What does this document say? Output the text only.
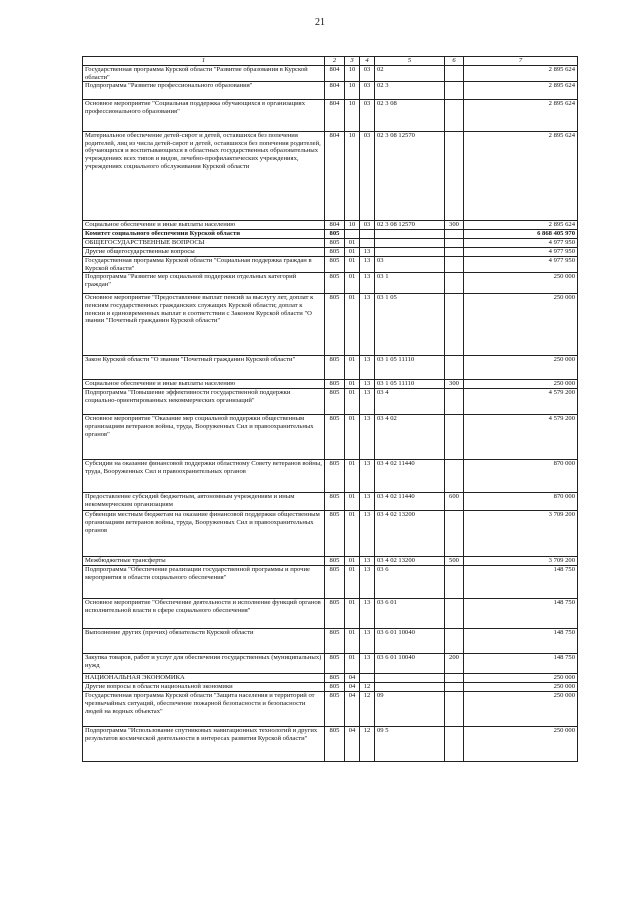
21
1	2	3	4	5	6	7
Государственная программа Курской области "Развитие образования в Курской области"	804	10	03	02		2 895 624
Подпрограмма "Развитие профессионального образования"	804	10	03	02 3		2 895 624
Основное мероприятие "Социальная поддержка обучающихся в организациях профессионального образования"	804	10	03	02 3 08		2 895 624
Материальное обеспечение детей-сирот и детей, оставшихся без попечения родителей, лиц из числа детей-сирот и детей, оставшихся без попечения родителей, обучающихся и воспитывающихся в областных государственных образовательных учреждениях всех типов и видов, лечебно-профилактических учреждениях, учреждениях социального обслуживания Курской области	804	10	03	02 3 08 12570		2 895 624
Социальное обеспечение и иные выплаты населению	804	10	03	02 3 08 12570	300	2 895 624
Комитет социального обеспечения Курской области	805					6 868 405 970
ОБЩЕГОСУДАРСТВЕННЫЕ ВОПРОСЫ	805	01				4 977 950
Другие общегосударственные вопросы	805	01	13			4 977 950
Государственная программа Курской области "Социальная поддержка граждан в Курской области"	805	01	13	03		4 977 950
Подпрограмма "Развитие мер социальной поддержки отдельных категорий граждан"	805	01	13	03 1		250 000
Основное мероприятие "Предоставление выплат пенсий за выслугу лет, доплат к пенсиям государственных гражданских служащих Курской области; доплат к пенсии и единовременных выплат в соответствии с Законом Курской области "О звании "Почетный гражданин Курской области"	805	01	13	03 1 05		250 000
Закон Курской области "О звании "Почетный гражданин Курской области"	805	01	13	03 1 05 11110		250 000
Социальное обеспечение и иные выплаты населению	805	01	13	03 1 05 11110	300	250 000
Подпрограмма "Повышение эффективности государственной поддержки социально-ориентированных некоммерческих организаций"	805	01	13	03 4		4 579 200
Основное мероприятие "Оказание мер социальной поддержки общественным организациям ветеранов войны, труда, Вооруженных Сил и правоохранительных органов"	805	01	13	03 4 02		4 579 200
Субсидии на оказание финансовой поддержки областному Совету ветеранов войны, труда, Вооруженных Сил и правоохранительных органов	805	01	13	03 4 02 11440		870 000
Предоставление субсидий бюджетным, автономным учреждениям и иным некоммерческим организациям	805	01	13	03 4 02 11440	600	870 000
Субвенции местным бюджетам на оказание финансовой поддержки общественным организациям ветеранов войны, труда, Вооруженных Сил и правоохранительных органов	805	01	13	03 4 02 13200		3 709 200
Межбюджетные трансферты	805	01	13	03 4 02 13200	500	3 709 200
Подпрограмма "Обеспечение реализации государственной программы и прочие мероприятия в области социального обеспечения"	805	01	13	03 6		148 750
Основное мероприятие "Обеспечение деятельности и исполнение функций органов исполнительной власти в сфере социального обеспечения"	805	01	13	03 6 01		148 750
Выполнение других (прочих) обязательств Курской области	805	01	13	03 6 01 10040		148 750
Закупка товаров, работ и услуг для обеспечения государственных (муниципальных) нужд	805	01	13	03 6 01 10040	200	148 750
НАЦИОНАЛЬНАЯ ЭКОНОМИКА	805	04				250 000
Другие вопросы в области национальной экономики	805	04	12			250 000
Государственная программа Курской области "Защита населения и территорий от чрезвычайных ситуаций, обеспечение пожарной безопасности и безопасности людей на водных объектах"	805	04	12	09		250 000
Подпрограмма "Использование спутниковых навигационных технологий и других результатов космической деятельности в интересах развития Курской области"	805	04	12	09 5		250 000
